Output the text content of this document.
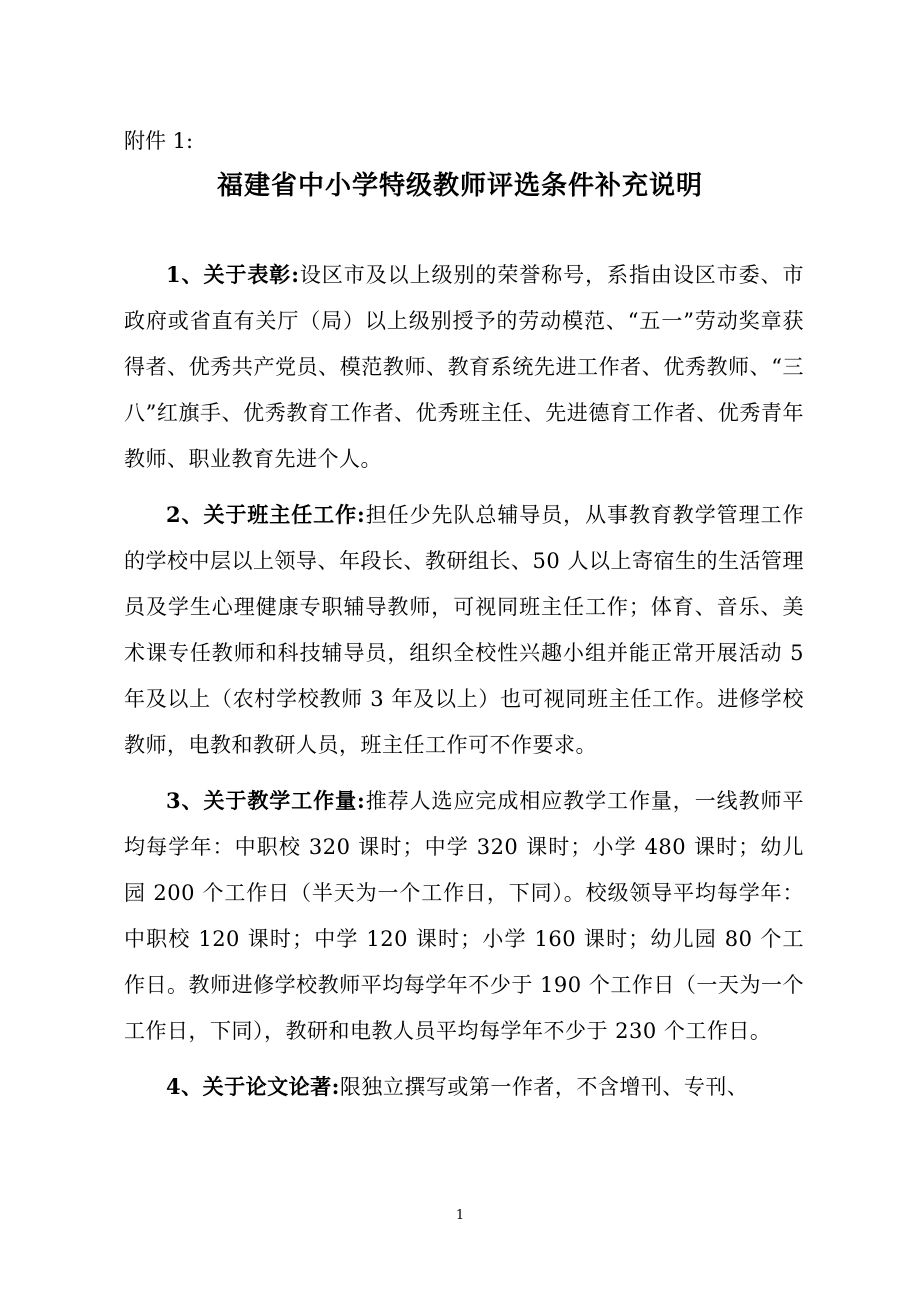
附件 1:
福建省中小学特级教师评选条件补充说明

1、关于表彰:设区市及以上级别的荣誉称号，系指由设区市委、市政府或省直有关厅（局）以上级别授予的劳动模范、“五一”劳动奖章获得者、优秀共产党员、模范教师、教育系统先进工作者、优秀教师、“三八”红旗手、优秀教育工作者、优秀班主任、先进德育工作者、优秀青年教师、职业教育先进个人。

2、关于班主任工作:担任少先队总辅导员，从事教育教学管理工作的学校中层以上领导、年段长、教研组长、50 人以上寄宿生的生活管理员及学生心理健康专职辅导教师，可视同班主任工作；体育、音乐、美术课专任教师和科技辅导员，组织全校性兴趣小组并能正常开展活动 5 年及以上（农村学校教师 3 年及以上）也可视同班主任工作。进修学校教师，电教和教研人员，班主任工作可不作要求。

3、关于教学工作量:推荐人选应完成相应教学工作量，一线教师平均每学年：中职校 320 课时；中学 320 课时；小学 480 课时；幼儿园 200 个工作日（半天为一个工作日，下同）。校级领导平均每学年：中职校 120 课时；中学 120 课时；小学 160 课时；幼儿园 80 个工作日。教师进修学校教师平均每学年不少于 190 个工作日（一天为一个工作日，下同），教研和电教人员平均每学年不少于 230 个工作日。

4、关于论文论著:限独立撰写或第一作者，不含增刊、专刊、

1
